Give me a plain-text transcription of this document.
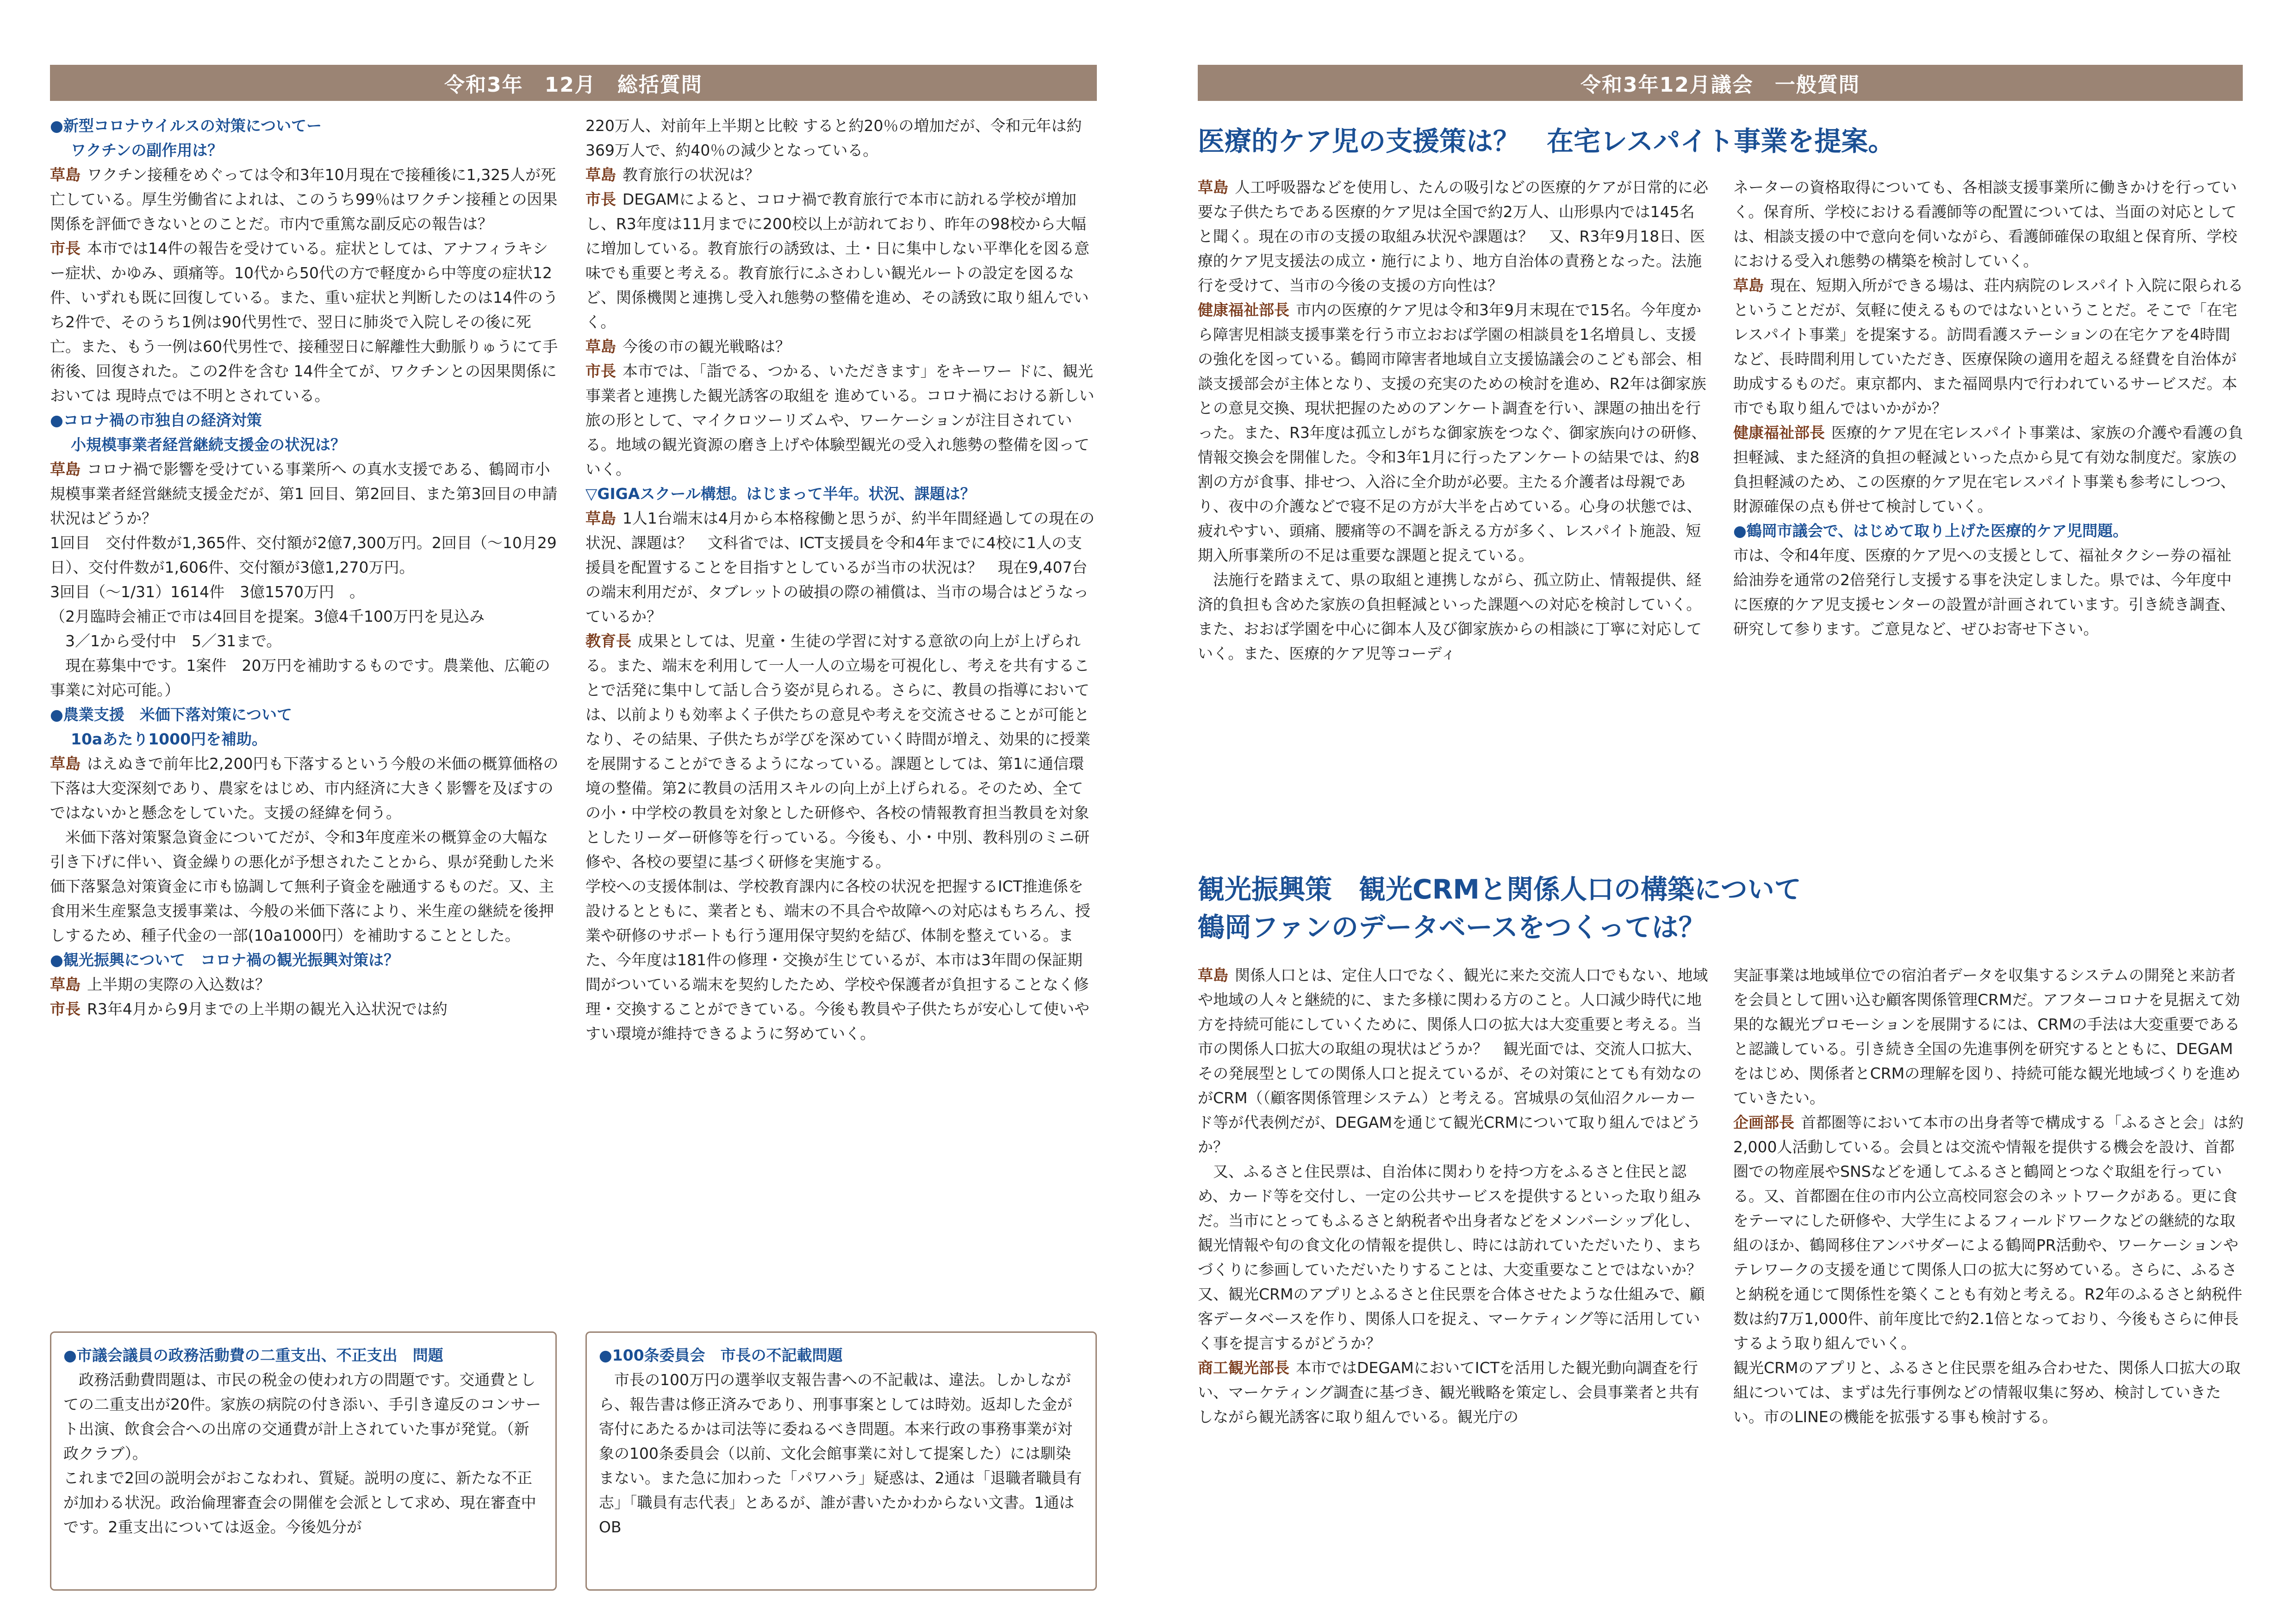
令和3年　12月　総括質問	令和3年12月議会　一般質問

●新型コロナウイルスの対策についてー

ワクチンの副作用は？

草島 ワクチン接種をめぐっては令和3年10月現在で接種後に1,325人が死亡している。厚生労働省によれは、このうち99％はワクチン接種との因果関係を評価できないとのことだ。市内で重篤な副反応の報告は？

市長 本市では14件の報告を受けている。症状としては、アナフィラキシー症状、かゆみ、頭痛等。10代から50代の方で軽度から中等度の症状12件、いずれも既に回復している。また、重い症状と判断したのは14件のうち2件で、そのうち1例は90代男性で、翌日に肺炎で入院しその後に死亡。また、もう一例は60代男性で、接種翌日に解離性大動脈りゅうにて手術後、回復された。この2件を含む 14件全てが、ワクチンとの因果関係においては 現時点では不明とされている。

●コロナ禍の市独自の経済対策

小規模事業者経営継続支援金の状況は？

草島 コロナ禍で影響を受けている事業所へ の真水支援である、鶴岡市小規模事業者経営継続支援金だが、第1 回目、第2回目、また第3回目の申請状況はどうか？

1回目　交付件数が1,365件、交付額が2億7,300万円。2回目（〜10月29日）、交付件数が1,606件、交付額が3億1,270万円。

3回目（〜1/31）1614件　3億1570万円　。

（2月臨時会補正で市は4回目を提案。3億4千100万円を見込み

3／1から受付中　5／31まで。

現在募集中です。1案件　20万円を補助するものです。農業他、広範の事業に対応可能。）

●農業支援　米価下落対策について

10aあたり1000円を補助。

草島 はえぬきで前年比2,200円も下落するという今般の米価の概算価格の下落は大変深刻であり、農家をはじめ、市内経済に大きく影響を及ぼすのではないかと懸念をしていた。支援の経緯を伺う。

米価下落対策緊急資金についてだが、令和3年度産米の概算金の大幅な引き下げに伴い、資金繰りの悪化が予想されたことから、県が発動した米価下落緊急対策資金に市も協調して無利子資金を融通するものだ。又、主食用米生産緊急支援事業は、今般の米価下落により、米生産の継続を後押しするため、種子代金の一部(10a1000円）を補助することとした。

●観光振興について　コロナ禍の観光振興対策は？

草島 上半期の実際の入込数は？

市長 R3年4月から9月までの上半期の観光入込状況では約

220万人、対前年上半期と比較 すると約20％の増加だが、令和元年は約369万人で、約40％の減少となっている。

草島 教育旅行の状況は？

市長 DEGAMによると、コロナ禍で教育旅行で本市に訪れる学校が増加し、R3年度は11月までに200校以上が訪れており、昨年の98校から大幅に増加している。教育旅行の誘致は、土・日に集中しない平準化を図る意味でも重要と考える。教育旅行にふさわしい観光ルートの設定を図るなど、関係機関と連携し受入れ態勢の整備を進め、その誘致に取り組んでいく。

草島 今後の市の観光戦略は？

市長 本市では、「詣でる、つかる、いただきます」をキーワー ドに、観光事業者と連携した観光誘客の取組を 進めている。コロナ禍における新しい旅の形として、マイクロツーリズムや、ワーケーションが注目されている。地域の観光資源の磨き上げや体験型観光の受入れ態勢の整備を図っていく。

▽GIGAスクール構想。はじまって半年。状況、課題は？

草島 1人1台端末は4月から本格稼働と思うが、約半年間経過しての現在の状況、課題は？　文科省では、ICT支援員を令和4年までに4校に1人の支援員を配置することを目指すとしているが当市の状況は？　現在9,407台の端末利用だが、タブレットの破損の際の補償は、当市の場合はどうなっているか？

教育長 成果としては、児童・生徒の学習に対する意欲の向上が上げられる。また、端末を利用して一人一人の立場を可視化し、考えを共有することで活発に集中して話し合う姿が見られる。さらに、教員の指導においては、以前よりも効率よく子供たちの意見や考えを交流させることが可能となり、その結果、子供たちが学びを深めていく時間が増え、効果的に授業を展開することができるようになっている。課題としては、第1に通信環境の整備。第2に教員の活用スキルの向上が上げられる。そのため、全ての小・中学校の教員を対象とした研修や、各校の情報教育担当教員を対象としたリーダー研修等を行っている。今後も、小・中別、教科別のミニ研修や、各校の要望に基づく研修を実施する。

学校への支援体制は、学校教育課内に各校の状況を把握するICT推進係を設けるとともに、業者とも、端末の不具合や故障への対応はもちろん、授業や研修のサポートも行う運用保守契約を結び、体制を整えている。また、今年度は181件の修理・交換が生じているが、本市は3年間の保証期間がついている端末を契約したため、学校や保護者が負担することなく修理・交換することができている。今後も教員や子供たちが安心して使いやすい環境が維持できるように努めていく。

●市議会議員の政務活動費の二重支出、不正支出　問題

政務活動費問題は、市民の税金の使われ方の問題です。交通費としての二重支出が20件。家族の病院の付き添い、手引き違反のコンサート出演、飲食会合への出席の交通費が計上されていた事が発覚。（新政クラブ）。

これまで2回の説明会がおこなわれ、質疑。説明の度に、新たな不正が加わる状況。政治倫理審査会の開催を会派として求め、現在審査中です。2重支出については返金。今後処分が

●100条委員会　市長の不記載問題

市長の100万円の選挙収支報告書への不記載は、違法。しかしながら、報告書は修正済みであり、刑事事案としては時効。返却した金が寄付にあたるかは司法等に委ねるべき問題。本来行政の事務事業が対象の100条委員会（以前、文化会館事業に対して提案した）には馴染まない。また急に加わった「パワハラ」疑惑は、2通は「退職者職員有志」「職員有志代表」とあるが、誰が書いたかわからない文書。1通はOB

医療的ケア児の支援策は？　在宅レスパイト事業を提案。

草島 人工呼吸器などを使用し、たんの吸引などの医療的ケアが日常的に必要な子供たちである医療的ケア児は全国で約2万人、山形県内では145名と聞く。現在の市の支援の取組み状況や課題は？　又、R3年9月18日、医療的ケア児支援法の成立・施行により、地方自治体の責務となった。法施行を受けて、当市の今後の支援の方向性は？

健康福祉部長 市内の医療的ケア児は令和3年9月末現在で15名。今年度から障害児相談支援事業を行う市立おおば学園の相談員を1名増員し、支援の強化を図っている。鶴岡市障害者地域自立支援協議会のこども部会、相談支援部会が主体となり、支援の充実のための検討を進め、R2年は御家族との意見交換、現状把握のためのアンケート調査を行い、課題の抽出を行った。また、R3年度は孤立しがちな御家族をつなぐ、御家族向けの研修、情報交換会を開催した。令和3年1月に行ったアンケートの結果では、約8割の方が食事、排せつ、入浴に全介助が必要。主たる介護者は母親であり、夜中の介護などで寝不足の方が大半を占めている。心身の状態では、疲れやすい、頭痛、腰痛等の不調を訴える方が多く、レスパイト施設、短期入所事業所の不足は重要な課題と捉えている。

法施行を踏まえて、県の取組と連携しながら、孤立防止、情報提供、経済的負担も含めた家族の負担軽減といった課題への対応を検討していく。また、おおば学園を中心に御本人及び御家族からの相談に丁寧に対応していく。また、医療的ケア児等コーディ

ネーターの資格取得についても、各相談支援事業所に働きかけを行っていく。保育所、学校における看護師等の配置については、当面の対応としては、相談支援の中で意向を伺いながら、看護師確保の取組と保育所、学校における受入れ態勢の構築を検討していく。

草島 現在、短期入所ができる場は、荘内病院のレスパイト入院に限られるということだが、気軽に使えるものではないということだ。そこで「在宅レスパイト事業」を提案する。訪問看護ステーションの在宅ケアを4時間など、長時間利用していただき、医療保険の適用を超える経費を自治体が助成するものだ。東京都内、また福岡県内で行われているサービスだ。本市でも取り組んではいかがか？

健康福祉部長 医療的ケア児在宅レスパイト事業は、家族の介護や看護の負担軽減、また経済的負担の軽減といった点から見て有効な制度だ。家族の負担軽減のため、この医療的ケア児在宅レスパイト事業も参考にしつつ、財源確保の点も併せて検討していく。

●鶴岡市議会で、はじめて取り上げた医療的ケア児問題。

市は、令和4年度、医療的ケア児への支援として、福祉タクシー券の福祉給油券を通常の2倍発行し支援する事を決定しました。県では、今年度中に医療的ケア児支援センターの設置が計画されています。引き続き調査、研究して参ります。ご意見など、ぜひお寄せ下さい。

観光振興策　観光CRMと関係人口の構築について
鶴岡ファンのデータベースをつくっては？

草島 関係人口とは、定住人口でなく、観光に来た交流人口でもない、地域や地域の人々と継続的に、また多様に関わる方のこと。人口減少時代に地方を持続可能にしていくために、関係人口の拡大は大変重要と考える。当市の関係人口拡大の取組の現状はどうか？　観光面では、交流人口拡大、その発展型としての関係人口と捉えているが、その対策にとても有効なのがCRM（（顧客関係管理システム）と考える。宮城県の気仙沼クルーカード等が代表例だが、DEGAMを通じて観光CRMについて取り組んではどうか？

又、ふるさと住民票は、自治体に関わりを持つ方をふるさと住民と認め、カード等を交付し、一定の公共サービスを提供するといった取り組みだ。当市にとってもふるさと納税者や出身者などをメンバーシップ化し、観光情報や旬の食文化の情報を提供し、時には訪れていただいたり、まちづくりに参画していただいたりすることは、大変重要なことではないか？　又、観光CRMのアプリとふるさと住民票を合体させたような仕組みで、顧客データベースを作り、関係人口を捉え、マーケティング等に活用していく事を提言するがどうか？

商工観光部長 本市ではDEGAMにおいてICTを活用した観光動向調査を行い、マーケティング調査に基づき、観光戦略を策定し、会員事業者と共有しながら観光誘客に取り組んでいる。観光庁の

実証事業は地域単位での宿泊者データを収集するシステムの開発と来訪者を会員として囲い込む顧客関係管理CRMだ。アフターコロナを見据えて効果的な観光プロモーションを展開するには、CRMの手法は大変重要であると認識している。引き続き全国の先進事例を研究するとともに、DEGAMをはじめ、関係者とCRMの理解を図り、持続可能な観光地域づくりを進めていきたい。

企画部長 首都圏等において本市の出身者等で構成する「ふるさと会」は約2,000人活動している。会員とは交流や情報を提供する機会を設け、首都圏での物産展やSNSなどを通してふるさと鶴岡とつなぐ取組を行っている。又、首都圏在住の市内公立高校同窓会のネットワークがある。更に食をテーマにした研修や、大学生によるフィールドワークなどの継続的な取組のほか、鶴岡移住アンバサダーによる鶴岡PR活動や、ワーケーションやテレワークの支援を通じて関係人口の拡大に努めている。さらに、ふるさと納税を通じて関係性を築くことも有効と考える。R2年のふるさと納税件数は約7万1,000件、前年度比で約2.1倍となっており、今後もさらに伸長するよう取り組んでいく。

観光CRMのアプリと、ふるさと住民票を組み合わせた、関係人口拡大の取組については、まずは先行事例などの情報収集に努め、検討していきたい。市のLINEの機能を拡張する事も検討する。
